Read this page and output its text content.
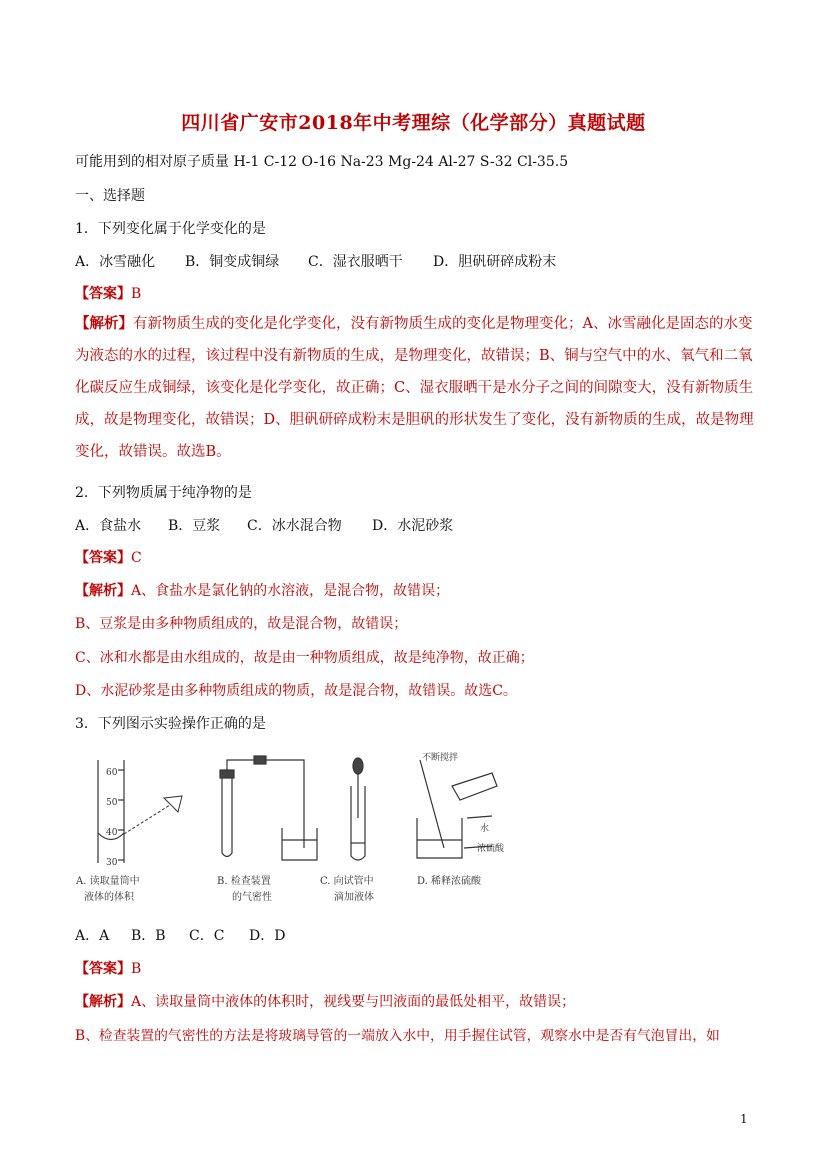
四川省广安市2018年中考理综（化学部分）真题试题
可能用到的相对原子质量 H-1 C-12 O-16 Na-23 Mg-24 Al-27 S-32 Cl-35.5
一、选择题
1．下列变化属于化学变化的是
A．冰雪融化 B．铜变成铜绿 C．湿衣服晒干 D．胆矾研碎成粉末
【答案】B
【解析】有新物质生成的变化是化学变化，没有新物质生成的变化是物理变化；A、冰雪融化是固态的水变为液态的水的过程，该过程中没有新物质的生成，是物理变化，故错误；B、铜与空气中的水、氧气和二氧化碳反应生成铜绿，该变化是化学变化，故正确；C、湿衣服晒干是水分子之间的间隙变大，没有新物质生成，故是物理变化，故错误；D、胆矾研碎成粉末是胆矾的形状发生了变化，没有新物质的生成，故是物理变化，故错误。故选B。
2．下列物质属于纯净物的是
A．食盐水 B．豆浆 C．冰水混合物 D．水泥砂浆
【答案】C
【解析】A、食盐水是氯化钠的水溶液，是混合物，故错误；
B、豆浆是由多种物质组成的，故是混合物，故错误；
C、冰和水都是由水组成的，故是由一种物质组成，故是纯净物，故正确；
D、水泥砂浆是由多种物质组成的物质，故是混合物，故错误。故选C。
3．下列图示实验操作正确的是
60
50
40
30
不断搅拌
水
浓硫酸
A. 读取量筒中
液体的体积
B. 检查装置
的气密性
C. 向试管中
滴加液体
D. 稀释浓硫酸
A．A B．B C．C D．D
【答案】B
【解析】A、读取量筒中液体的体积时，视线要与凹液面的最低处相平，故错误；
B、检查装置的气密性的方法是将玻璃导管的一端放入水中，用手握住试管，观察水中是否有气泡冒出，如
1
